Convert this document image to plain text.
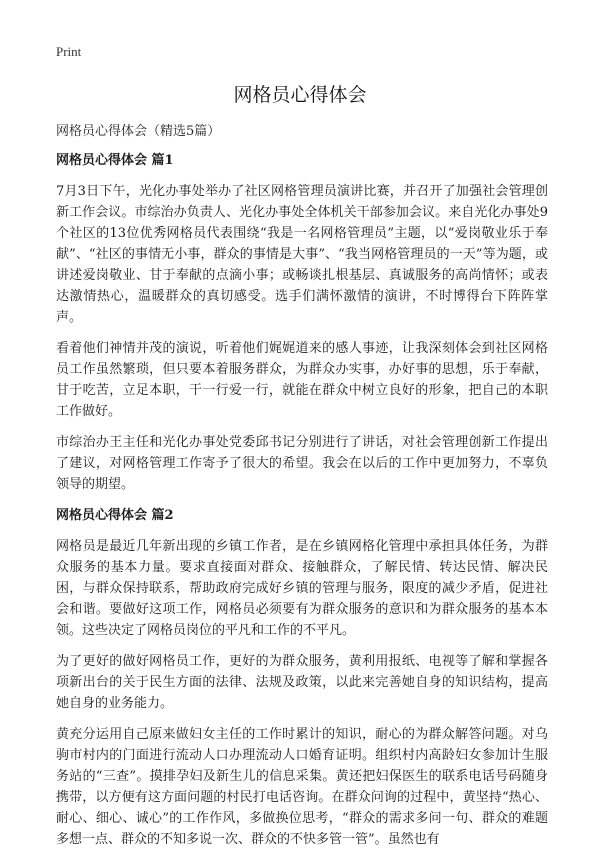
Print
网格员心得体会
网格员心得体会（精选5篇）
网格员心得体会 篇1

7月3日下午，光化办事处举办了社区网格管理员演讲比赛，并召开了加强社会管理创新工作会议。市综治办负责人、光化办事处全体机关干部参加会议。来自光化办事处9个社区的13位优秀网格员代表围绕“我是一名网格管理员”主题，以“爱岗敬业乐于奉献”、“社区的事情无小事，群众的事情是大事”、“我当网格管理员的一天”等为题，或讲述爱岗敬业、甘于奉献的点滴小事；或畅谈扎根基层、真诚服务的高尚情怀；或表达激情热心，温暖群众的真切感受。选手们满怀激情的演讲，不时博得台下阵阵掌声。

看着他们神情并茂的演说，听着他们娓娓道来的感人事迹，让我深刻体会到社区网格员工作虽然繁琐，但只要本着服务群众，为群众办实事，办好事的思想，乐于奉献，甘于吃苦，立足本职，干一行爱一行，就能在群众中树立良好的形象，把自己的本职工作做好。

市综治办王主任和光化办事处党委邱书记分别进行了讲话，对社会管理创新工作提出了建议，对网格管理工作寄予了很大的希望。我会在以后的工作中更加努力，不辜负领导的期望。

网格员心得体会 篇2

网格员是最近几年新出现的乡镇工作者，是在乡镇网格化管理中承担具体任务，为群众服务的基本力量。要求直接面对群众、接触群众，了解民情、转达民情、解决民困，与群众保持联系，帮助政府完成好乡镇的管理与服务，限度的减少矛盾，促进社会和谐。要做好这项工作，网格员必须要有为群众服务的意识和为群众服务的基本本领。这些决定了网格员岗位的平凡和工作的不平凡。

为了更好的做好网格员工作，更好的为群众服务，黄利用报纸、电视等了解和掌握各项新出台的关于民生方面的法律、法规及政策，以此来完善她自身的知识结构，提高她自身的业务能力。

黄充分运用自己原来做妇女主任的工作时累计的知识，耐心的为群众解答问题。对乌驹市村内的门面进行流动人口办理流动人口婚育证明。组织村内高龄妇女参加计生服务站的“三查”。摸排孕妇及新生儿的信息采集。黄还把妇保医生的联系电话号码随身携带，以方便有这方面问题的村民打电话咨询。在群众问询的过程中，黄坚持“热心、耐心、细心、诚心”的工作作风，多做换位思考，“群众的需求多问一句、群众的难题多想一点、群众的不知多说一次、群众的不快多管一管”。虽然也有
